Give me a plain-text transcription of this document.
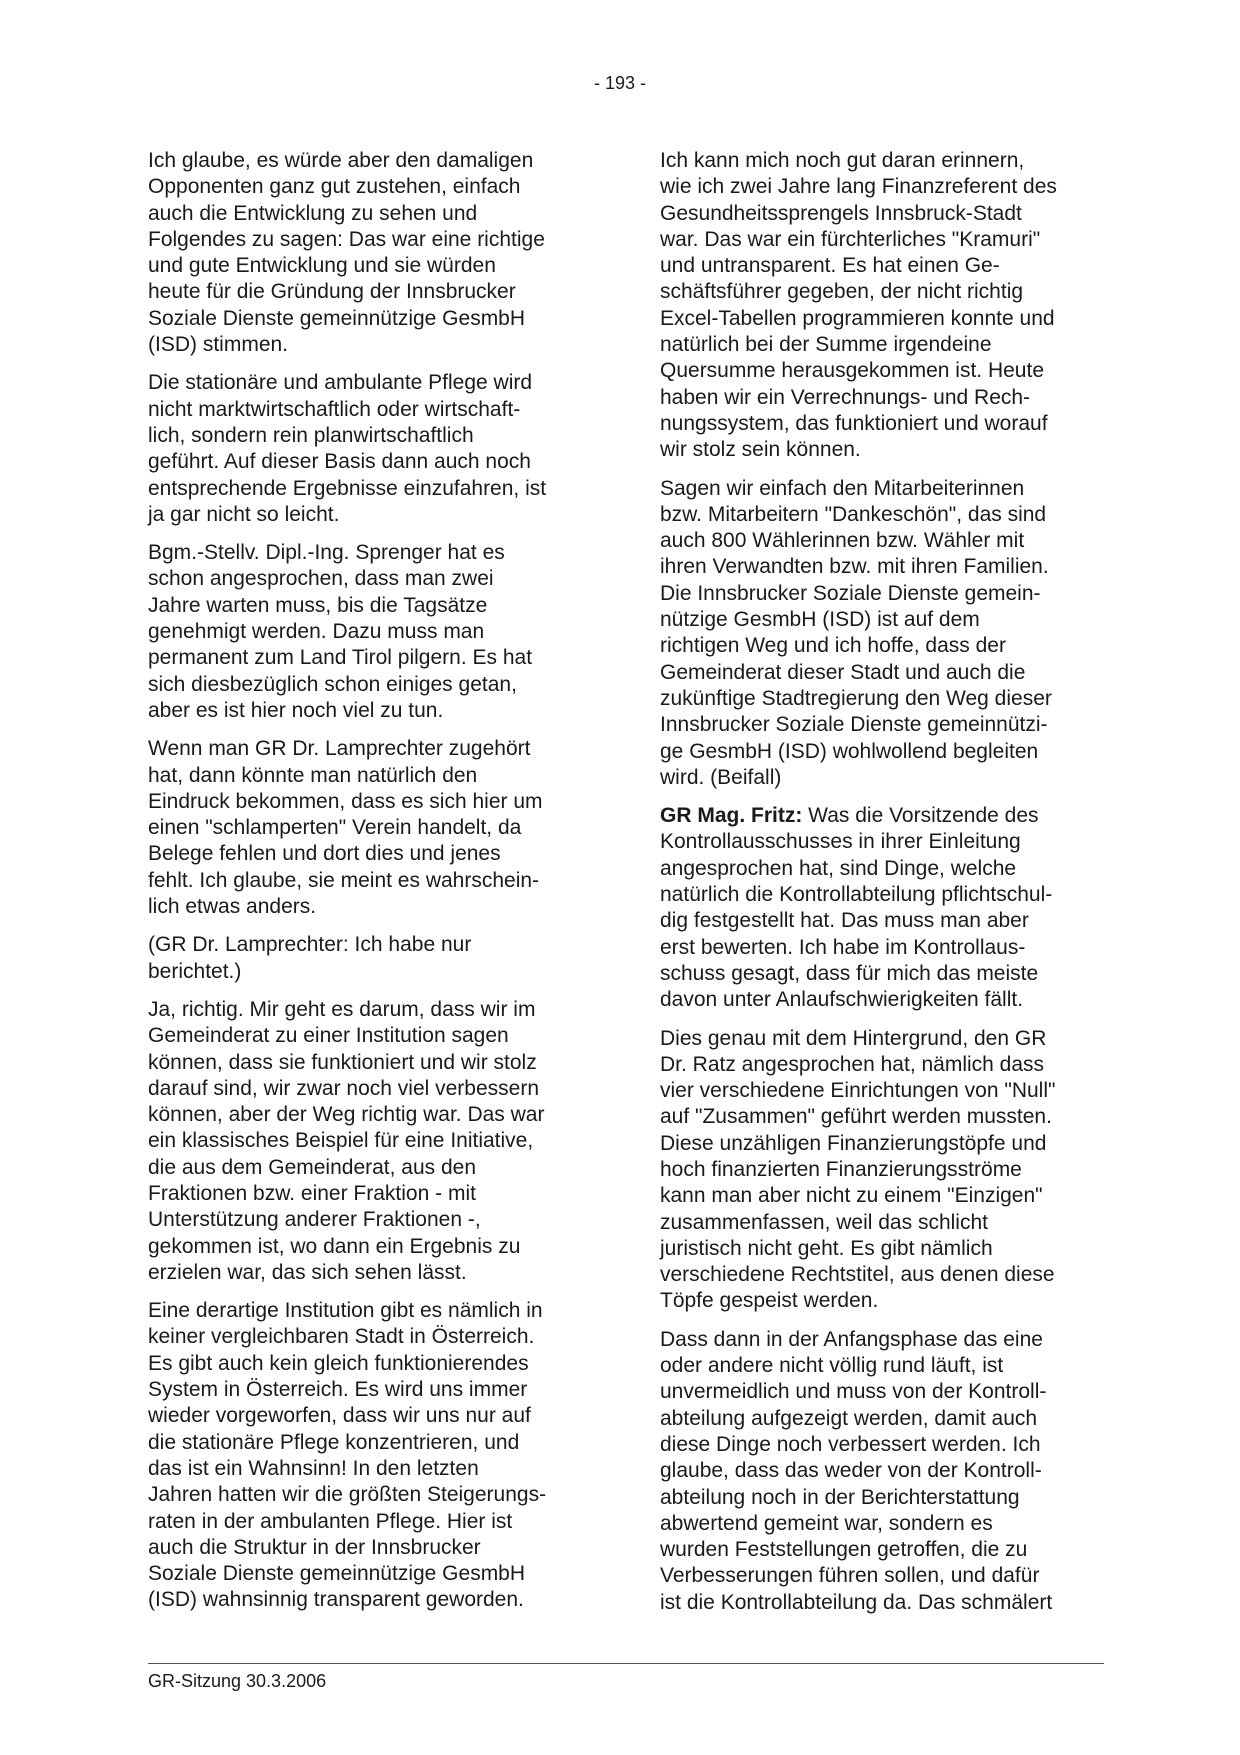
- 193 -

Ich glaube, es würde aber den damaligen
Opponenten ganz gut zustehen, einfach
auch die Entwicklung zu sehen und
Folgendes zu sagen: Das war eine richtige
und gute Entwicklung und sie würden
heute für die Gründung der Innsbrucker
Soziale Dienste gemeinnützige GesmbH
(ISD) stimmen.

Die stationäre und ambulante Pflege wird
nicht marktwirtschaftlich oder wirtschaft-
lich, sondern rein planwirtschaftlich
geführt. Auf dieser Basis dann auch noch
entsprechende Ergebnisse einzufahren, ist
ja gar nicht so leicht.

Bgm.-Stellv. Dipl.-Ing. Sprenger hat es
schon angesprochen, dass man zwei
Jahre warten muss, bis die Tagsätze
genehmigt werden. Dazu muss man
permanent zum Land Tirol pilgern. Es hat
sich diesbezüglich schon einiges getan,
aber es ist hier noch viel zu tun.

Wenn man GR Dr. Lamprechter zugehört
hat, dann könnte man natürlich den
Eindruck bekommen, dass es sich hier um
einen "schlamperten" Verein handelt, da
Belege fehlen und dort dies und jenes
fehlt. Ich glaube, sie meint es wahrschein-
lich etwas anders.

(GR Dr. Lamprechter: Ich habe nur
berichtet.)

Ja, richtig. Mir geht es darum, dass wir im
Gemeinderat zu einer Institution sagen
können, dass sie funktioniert und wir stolz
darauf sind, wir zwar noch viel verbessern
können, aber der Weg richtig war. Das war
ein klassisches Beispiel für eine Initiative,
die aus dem Gemeinderat, aus den
Fraktionen bzw. einer Fraktion - mit
Unterstützung anderer Fraktionen -,
gekommen ist, wo dann ein Ergebnis zu
erzielen war, das sich sehen lässt.

Eine derartige Institution gibt es nämlich in
keiner vergleichbaren Stadt in Österreich.
Es gibt auch kein gleich funktionierendes
System in Österreich. Es wird uns immer
wieder vorgeworfen, dass wir uns nur auf
die stationäre Pflege konzentrieren, und
das ist ein Wahnsinn! In den letzten
Jahren hatten wir die größten Steigerungs-
raten in der ambulanten Pflege. Hier ist
auch die Struktur in der Innsbrucker
Soziale Dienste gemeinnützige GesmbH
(ISD) wahnsinnig transparent geworden.

Ich kann mich noch gut daran erinnern,
wie ich zwei Jahre lang Finanzreferent des
Gesundheitssprengels Innsbruck-Stadt
war. Das war ein fürchterliches "Kramuri"
und untransparent. Es hat einen Ge-
schäftsführer gegeben, der nicht richtig
Excel-Tabellen programmieren konnte und
natürlich bei der Summe irgendeine
Quersumme herausgekommen ist. Heute
haben wir ein Verrechnungs- und Rech-
nungssystem, das funktioniert und worauf
wir stolz sein können.

Sagen wir einfach den Mitarbeiterinnen
bzw. Mitarbeitern "Dankeschön", das sind
auch 800 Wählerinnen bzw. Wähler mit
ihren Verwandten bzw. mit ihren Familien.
Die Innsbrucker Soziale Dienste gemein-
nützige GesmbH (ISD) ist auf dem
richtigen Weg und ich hoffe, dass der
Gemeinderat dieser Stadt und auch die
zukünftige Stadtregierung den Weg dieser
Innsbrucker Soziale Dienste gemeinnützi-
ge GesmbH (ISD) wohlwollend begleiten
wird. (Beifall)

GR Mag. Fritz: Was die Vorsitzende des
Kontrollausschusses in ihrer Einleitung
angesprochen hat, sind Dinge, welche
natürlich die Kontrollabteilung pflichtschul-
dig festgestellt hat. Das muss man aber
erst bewerten. Ich habe im Kontrollaus-
schuss gesagt, dass für mich das meiste
davon unter Anlaufschwierigkeiten fällt.

Dies genau mit dem Hintergrund, den GR
Dr. Ratz angesprochen hat, nämlich dass
vier verschiedene Einrichtungen von "Null"
auf "Zusammen" geführt werden mussten.
Diese unzähligen Finanzierungstöpfe und
hoch finanzierten Finanzierungsströme
kann man aber nicht zu einem "Einzigen"
zusammenfassen, weil das schlicht
juristisch nicht geht. Es gibt nämlich
verschiedene Rechtstitel, aus denen diese
Töpfe gespeist werden.

Dass dann in der Anfangsphase das eine
oder andere nicht völlig rund läuft, ist
unvermeidlich und muss von der Kontroll-
abteilung aufgezeigt werden, damit auch
diese Dinge noch verbessert werden. Ich
glaube, dass das weder von der Kontroll-
abteilung noch in der Berichterstattung
abwertend gemeint war, sondern es
wurden Feststellungen getroffen, die zu
Verbesserungen führen sollen, und dafür
ist die Kontrollabteilung da. Das schmälert

GR-Sitzung 30.3.2006
